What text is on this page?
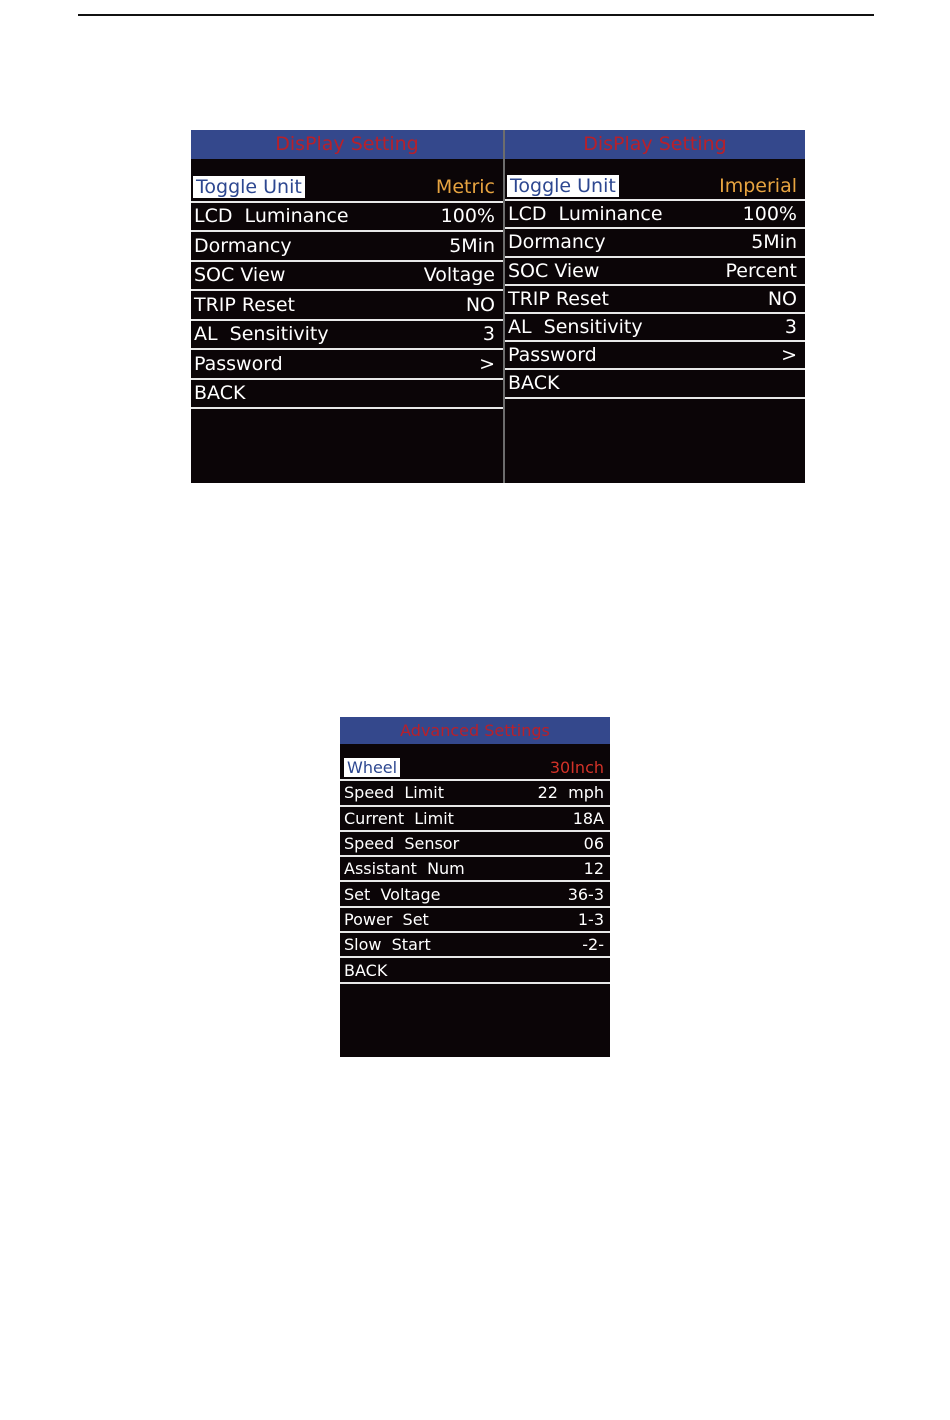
DisPlay Setting
Toggle Unit	Metric
LCD  Luminance	100%
Dormancy	5Min
SOC View	Voltage
TRIP Reset	NO
AL  Sensitivity	3
Password	>
BACK
DisPlay Setting
Toggle Unit	Imperial
LCD  Luminance	100%
Dormancy	5Min
SOC View	Percent
TRIP Reset	NO
AL  Sensitivity	3
Password	>
BACK
Advanced Settings
Wheel	30Inch
Speed  Limit	22  mph
Current  Limit	18A
Speed  Sensor	06
Assistant  Num	12
Set  Voltage	36-3
Power  Set	1-3
Slow  Start	-2-
BACK
